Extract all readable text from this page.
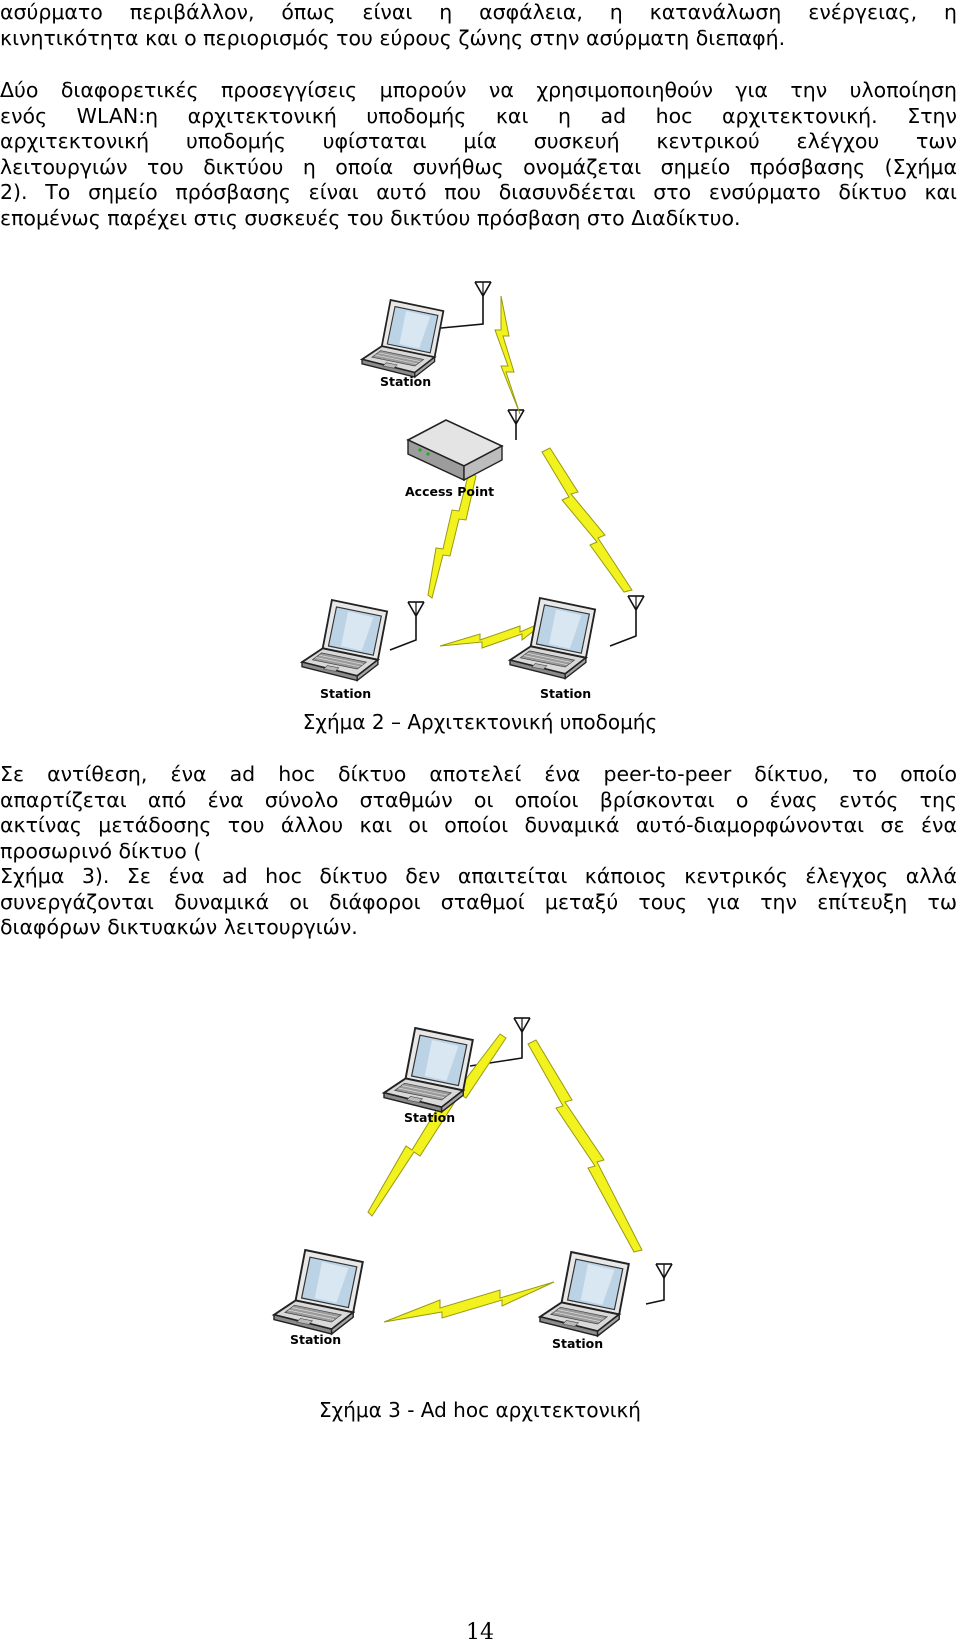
ασύρματο περιβάλλον, όπως είναι η ασφάλεια, η κατανάλωση ενέργειας, η
κινητικότητα και ο περιορισμός του εύρους ζώνης στην ασύρματη διεπαφή.
Δύο διαφορετικές προσεγγίσεις μπορούν να χρησιμοποιηθούν για την υλοποίηση
ενός WLAN:η αρχιτεκτονική υποδομής και η ad hoc αρχιτεκτονική. Στην
αρχιτεκτονική υποδομής υφίσταται μία συσκευή κεντρικού ελέγχου των
λειτουργιών του δικτύου η οποία συνήθως ονομάζεται σημείο πρόσβασης (Σχήμα
2). Το σημείο πρόσβασης είναι αυτό που διασυνδέεται στο ενσύρματο δίκτυο και
επομένως παρέχει στις συσκευές του δικτύου πρόσβαση στο Διαδίκτυο.
Station
Access Point
Station	Station
Σχήμα 2 – Αρχιτεκτονική υποδομής
Σε αντίθεση, ένα ad hoc δίκτυο αποτελεί ένα peer-to-peer δίκτυο, το οποίο
απαρτίζεται από ένα σύνολο σταθμών οι οποίοι βρίσκονται ο ένας εντός της
ακτίνας μετάδοσης του άλλου και οι οποίοι δυναμικά αυτό-διαμορφώνονται σε ένα
προσωρινό δίκτυο (
Σχήμα 3). Σε ένα ad hoc δίκτυο δεν απαιτείται κάποιος κεντρικός έλεγχος αλλά
συνεργάζονται δυναμικά οι διάφοροι σταθμοί μεταξύ τους για την επίτευξη τω
διαφόρων δικτυακών λειτουργιών.
Station
Station	Station
Σχήμα 3 - Ad hoc αρχιτεκτονική
14
